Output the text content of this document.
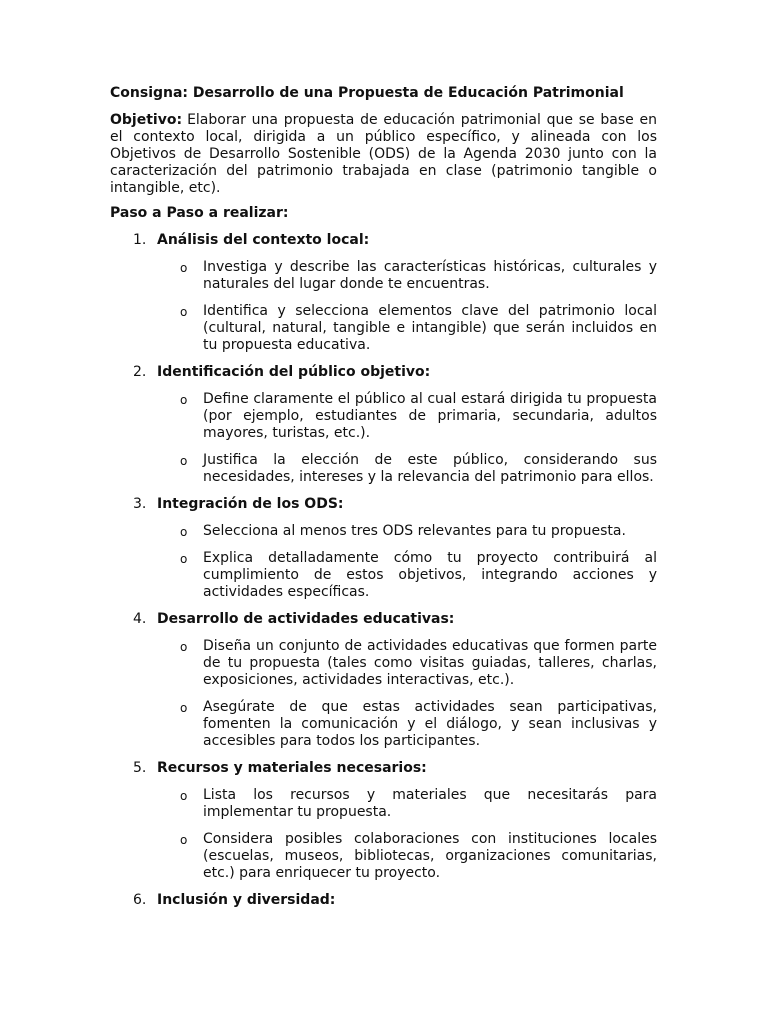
Consigna: Desarrollo de una Propuesta de Educación Patrimonial
Objetivo: Elaborar una propuesta de educación patrimonial que se base en
el contexto local, dirigida a un público específico, y alineada con los
Objetivos de Desarrollo Sostenible (ODS) de la Agenda 2030 junto con la
caracterización del patrimonio trabajada en clase (patrimonio tangible o
intangible, etc).
Paso a Paso a realizar:
1. Análisis del contexto local:
o Investiga y describe las características históricas, culturales y
naturales del lugar donde te encuentras.
o Identifica y selecciona elementos clave del patrimonio local
(cultural, natural, tangible e intangible) que serán incluidos en
tu propuesta educativa.
2. Identificación del público objetivo:
o Define claramente el público al cual estará dirigida tu propuesta
(por ejemplo, estudiantes de primaria, secundaria, adultos
mayores, turistas, etc.).
o Justifica la elección de este público, considerando sus
necesidades, intereses y la relevancia del patrimonio para ellos.
3. Integración de los ODS:
o Selecciona al menos tres ODS relevantes para tu propuesta.
o Explica detalladamente cómo tu proyecto contribuirá al
cumplimiento de estos objetivos, integrando acciones y
actividades específicas.
4. Desarrollo de actividades educativas:
o Diseña un conjunto de actividades educativas que formen parte
de tu propuesta (tales como visitas guiadas, talleres, charlas,
exposiciones, actividades interactivas, etc.).
o Asegúrate de que estas actividades sean participativas,
fomenten la comunicación y el diálogo, y sean inclusivas y
accesibles para todos los participantes.
5. Recursos y materiales necesarios:
o Lista los recursos y materiales que necesitarás para
implementar tu propuesta.
o Considera posibles colaboraciones con instituciones locales
(escuelas, museos, bibliotecas, organizaciones comunitarias,
etc.) para enriquecer tu proyecto.
6. Inclusión y diversidad:
